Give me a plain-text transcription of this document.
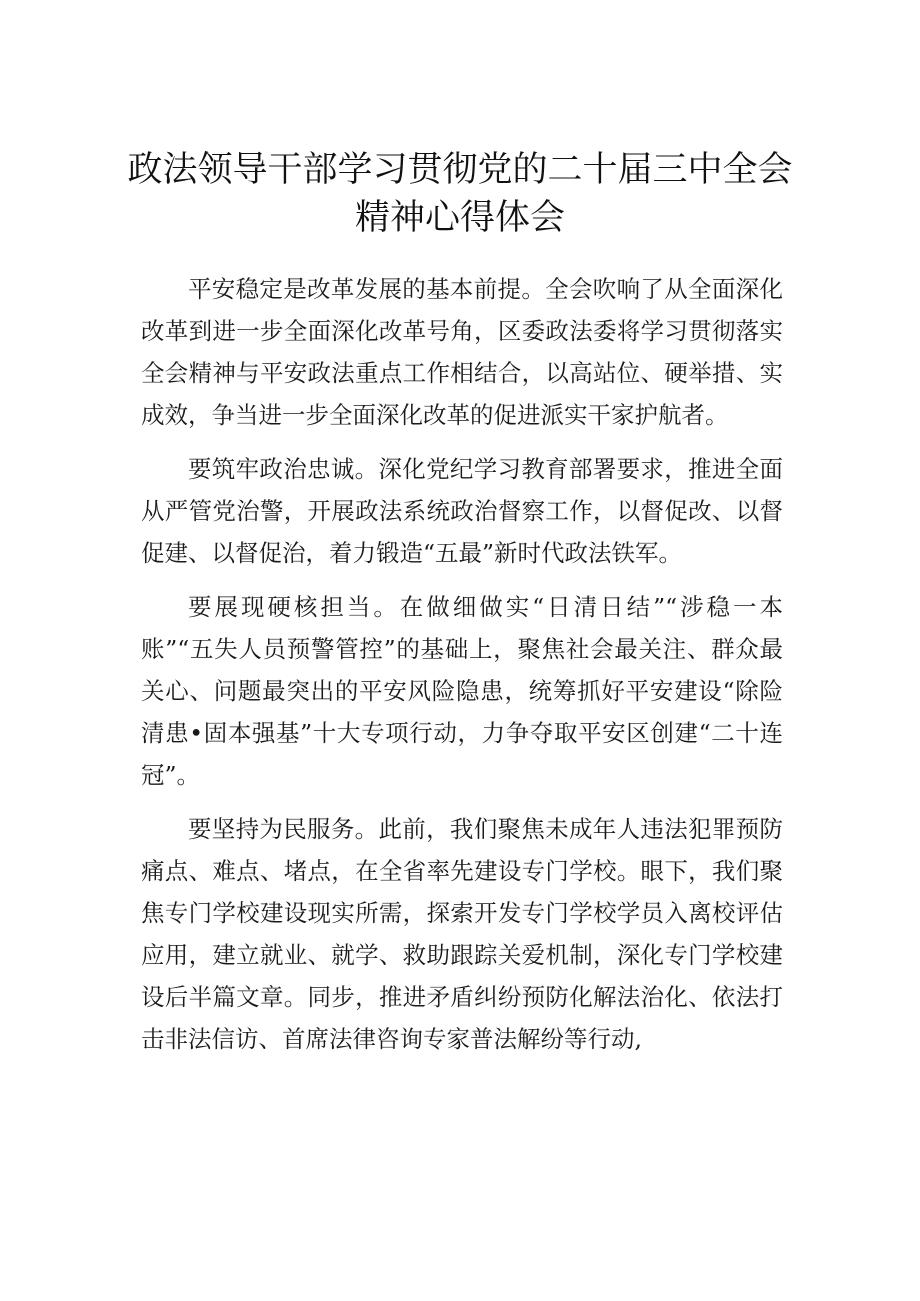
政法领导干部学习贯彻党的二十届三中全会精神心得体会

平安稳定是改革发展的基本前提。全会吹响了从全面深化改革到进一步全面深化改革号角，区委政法委将学习贯彻落实全会精神与平安政法重点工作相结合，以高站位、硬举措、实成效，争当进一步全面深化改革的促进派实干家护航者。

要筑牢政治忠诚。深化党纪学习教育部署要求，推进全面从严管党治警，开展政法系统政治督察工作，以督促改、以督促建、以督促治，着力锻造“五最”新时代政法铁军。

要展现硬核担当。在做细做实“日清日结”“涉稳一本账”“五失人员预警管控”的基础上，聚焦社会最关注、群众最关心、问题最突出的平安风险隐患，统筹抓好平安建设“除险清患•固本强基”十大专项行动，力争夺取平安区创建“二十连冠”。

要坚持为民服务。此前，我们聚焦未成年人违法犯罪预防痛点、难点、堵点，在全省率先建设专门学校。眼下，我们聚焦专门学校建设现实所需，探索开发专门学校学员入离校评估应用，建立就业、就学、救助跟踪关爱机制，深化专门学校建设后半篇文章。同步，推进矛盾纠纷预防化解法治化、依法打击非法信访、首席法律咨询专家普法解纷等行动,
